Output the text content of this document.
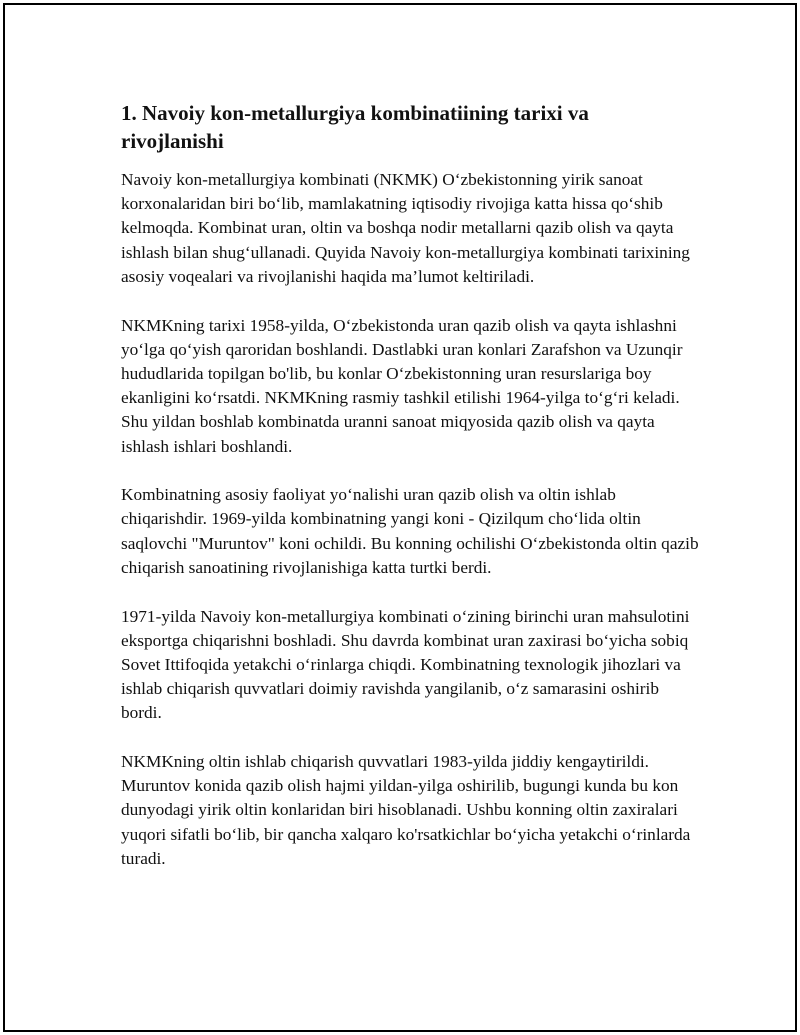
1. Navoiy kon-metallurgiya kombinatiining tarixi va rivojlanishi

Navoiy kon-metallurgiya kombinati (NKMK) O‘zbekistonning yirik sanoat korxonalaridan biri bo‘lib, mamlakatning iqtisodiy rivojiga katta hissa qo‘shib kelmoqda. Kombinat uran, oltin va boshqa nodir metallarni qazib olish va qayta ishlash bilan shug‘ullanadi. Quyida Navoiy kon-metallurgiya kombinati tarixining asosiy voqealari va rivojlanishi haqida ma’lumot keltiriladi.

NKMKning tarixi 1958-yilda, O‘zbekistonda uran qazib olish va qayta ishlashni yo‘lga qo‘yish qaroridan boshlandi. Dastlabki uran konlari Zarafshon va Uzunqir hududlarida topilgan bo'lib, bu konlar O‘zbekistonning uran resurslariga boy ekanligini ko‘rsatdi. NKMKning rasmiy tashkil etilishi 1964-yilga to‘g‘ri keladi. Shu yildan boshlab kombinatda uranni sanoat miqyosida qazib olish va qayta ishlash ishlari boshlandi.

Kombinatning asosiy faoliyat yo‘nalishi uran qazib olish va oltin ishlab chiqarishdir. 1969-yilda kombinatning yangi koni - Qizilqum cho‘lida oltin saqlovchi "Muruntov" koni ochildi. Bu konning ochilishi O‘zbekistonda oltin qazib chiqarish sanoatining rivojlanishiga katta turtki berdi.

1971-yilda Navoiy kon-metallurgiya kombinati o‘zining birinchi uran mahsulotini eksportga chiqarishni boshladi. Shu davrda kombinat uran zaxirasi bo‘yicha sobiq Sovet Ittifoqida yetakchi o‘rinlarga chiqdi. Kombinatning texnologik jihozlari va ishlab chiqarish quvvatlari doimiy ravishda yangilanib, o‘z samarasini oshirib bordi.

NKMKning oltin ishlab chiqarish quvvatlari 1983-yilda jiddiy kengaytirildi. Muruntov konida qazib olish hajmi yildan-yilga oshirilib, bugungi kunda bu kon dunyodagi yirik oltin konlaridan biri hisoblanadi. Ushbu konning oltin zaxiralari yuqori sifatli bo‘lib, bir qancha xalqaro ko'rsatkichlar bo‘yicha yetakchi o‘rinlarda turadi.
